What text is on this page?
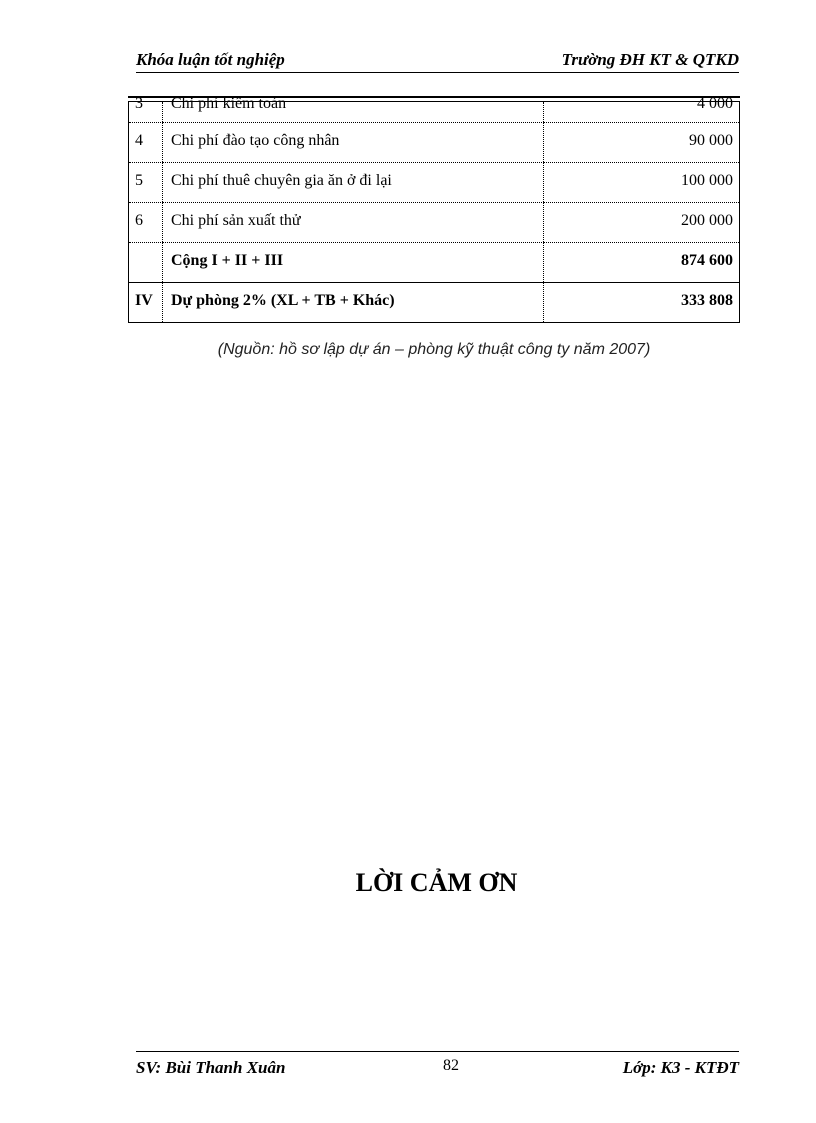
Khóa luận tốt nghiệp	Trường ĐH KT & QTKD
3	Chi phí kiểm toán	4 000
4	Chi phí đào tạo công nhân	90 000
5	Chi phí thuê chuyên gia ăn ở đi lại	100 000
6	Chi phí sản xuất thử	200 000
	Cộng I + II + III	874 600
IV	Dự phòng 2% (XL + TB + Khác)	333 808
(Nguồn: hồ sơ lập dự án – phòng kỹ thuật công ty năm 2007)
LỜI CẢM ƠN
SV: Bùi Thanh Xuân	82	Lớp: K3 - KTĐT
